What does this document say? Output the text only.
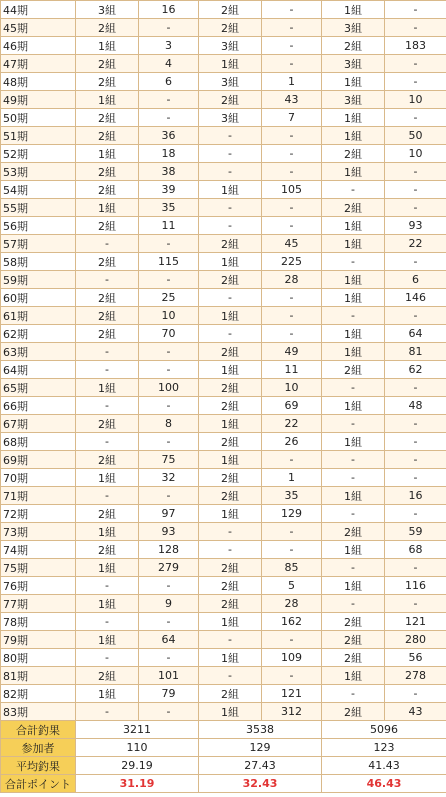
44期	3組	16	2組	-	1組	-
45期	2組	-	2組	-	3組	-
46期	1組	3	3組	-	2組	183
47期	2組	4	1組	-	3組	-
48期	2組	6	3組	1	1組	-
49期	1組	-	2組	43	3組	10
50期	2組	-	3組	7	1組	-
51期	2組	36	-	-	1組	50
52期	1組	18	-	-	2組	10
53期	2組	38	-	-	1組	-
54期	2組	39	1組	105	-	-
55期	1組	35	-	-	2組	-
56期	2組	11	-	-	1組	93
57期	-	-	2組	45	1組	22
58期	2組	115	1組	225	-	-
59期	-	-	2組	28	1組	6
60期	2組	25	-	-	1組	146
61期	2組	10	1組	-	-	-
62期	2組	70	-	-	1組	64
63期	-	-	2組	49	1組	81
64期	-	-	1組	11	2組	62
65期	1組	100	2組	10	-	-
66期	-	-	2組	69	1組	48
67期	2組	8	1組	22	-	-
68期	-	-	2組	26	1組	-
69期	2組	75	1組	-	-	-
70期	1組	32	2組	1	-	-
71期	-	-	2組	35	1組	16
72期	2組	97	1組	129	-	-
73期	1組	93	-	-	2組	59
74期	2組	128	-	-	1組	68
75期	1組	279	2組	85	-	-
76期	-	-	2組	5	1組	116
77期	1組	9	2組	28	-	-
78期	-	-	1組	162	2組	121
79期	1組	64	-	-	2組	280
80期	-	-	1組	109	2組	56
81期	2組	101	-	-	1組	278
82期	1組	79	2組	121	-	-
83期	-	-	1組	312	2組	43
合計釣果	3211		3538		5096	
参加者	110		129		123	
平均釣果	29.19		27.43		41.43	
合計ポイント	31.19		32.43		46.43	
